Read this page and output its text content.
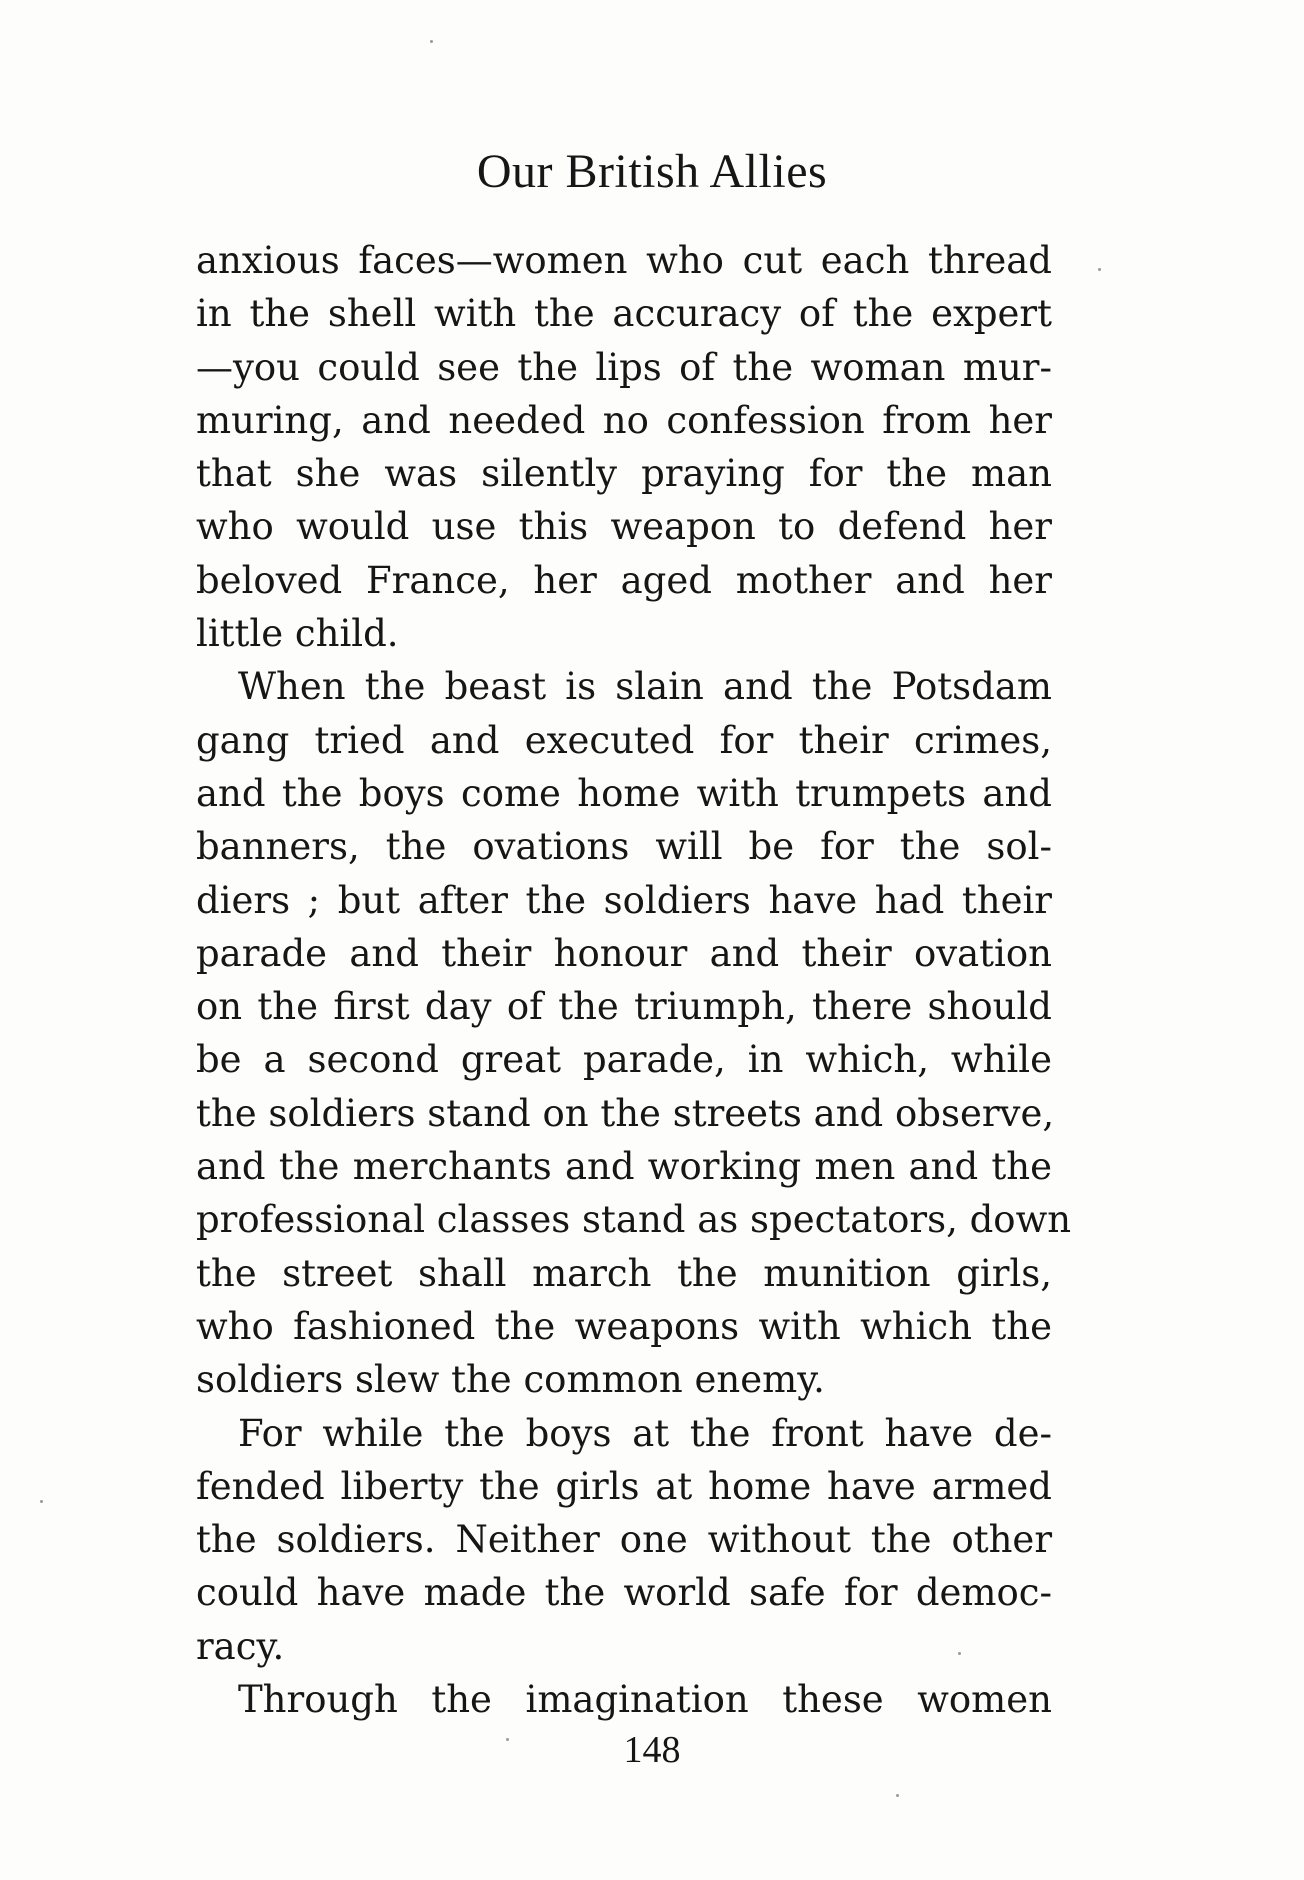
Our British Allies
anxious faces—women who cut each thread
in the shell with the accuracy of the expert
—you could see the lips of the woman mur-
muring, and needed no confession from her
that she was silently praying for the man
who would use this weapon to defend her
beloved France, her aged mother and her
little child.
When the beast is slain and the Potsdam
gang tried and executed for their crimes,
and the boys come home with trumpets and
banners, the ovations will be for the sol-
diers ; but after the soldiers have had their
parade and their honour and their ovation
on the first day of the triumph, there should
be a second great parade, in which, while
the soldiers stand on the streets and observe,
and the merchants and working men and the
professional classes stand as spectators, down
the street shall march the munition girls,
who fashioned the weapons with which the
soldiers slew the common enemy.
For while the boys at the front have de-
fended liberty the girls at home have armed
the soldiers. Neither one without the other
could have made the world safe for democ-
racy.
Through the imagination these women
148
